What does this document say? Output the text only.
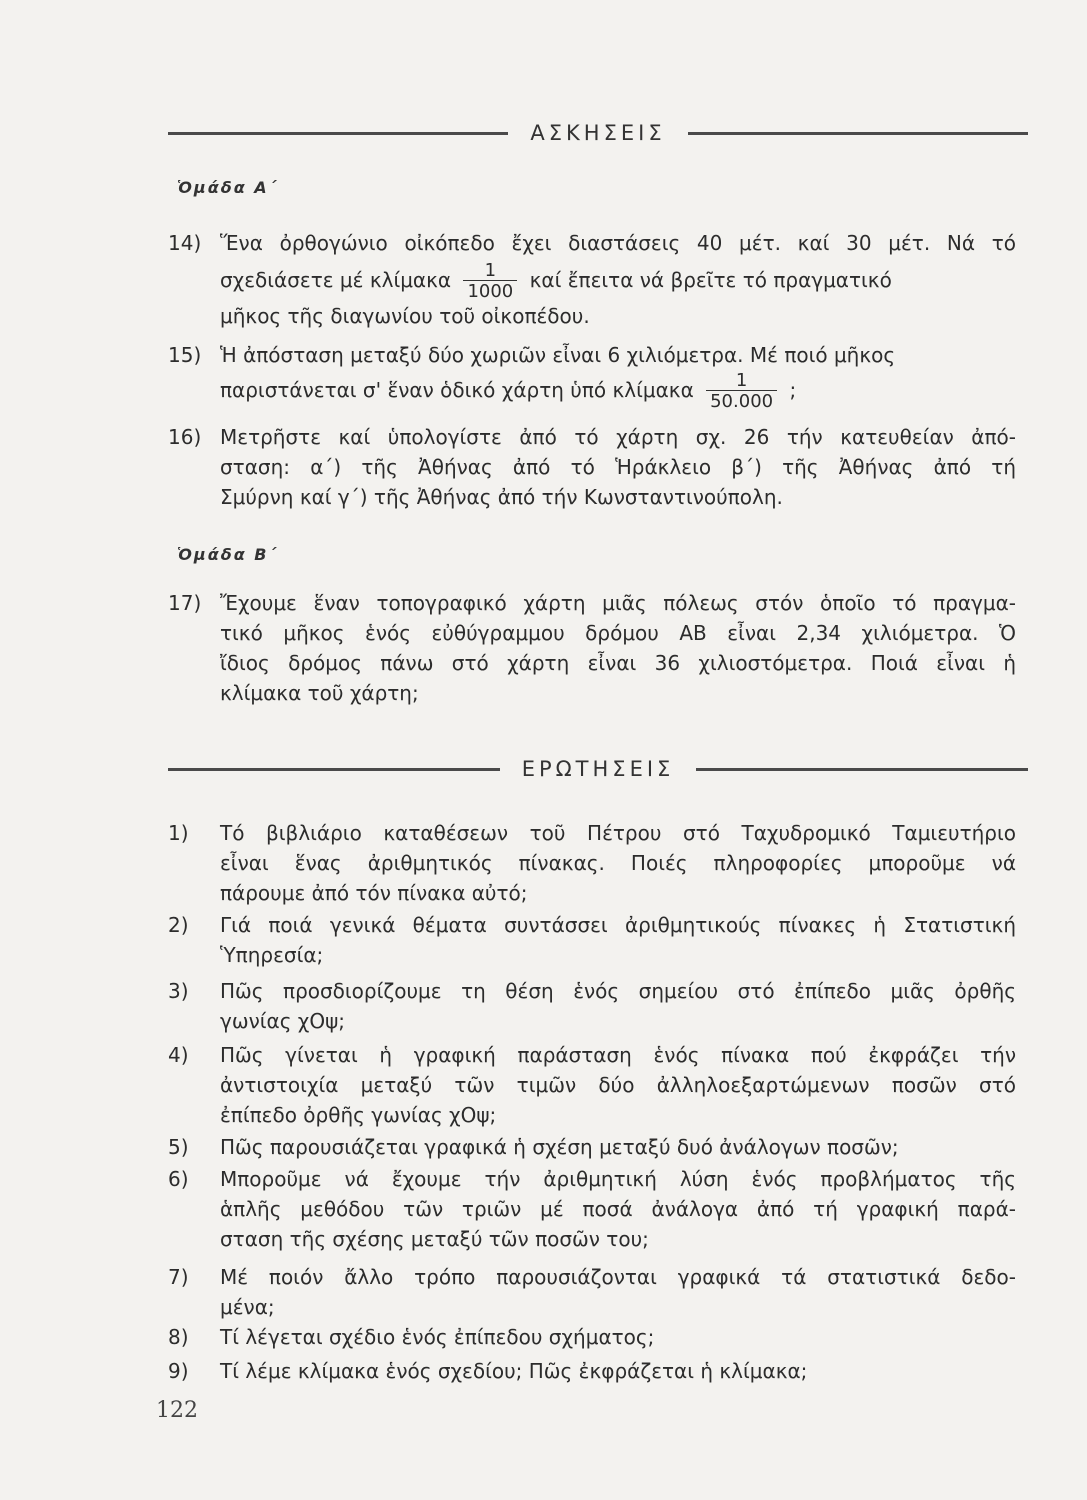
ΑΣΚΗΣΕΙΣ
Ὁμάδα Α΄
14) Ἕνα ὀρθογώνιο οἰκόπεδο ἔχει διαστάσεις 40 μέτ. καί 30 μέτ. Νά τό
σχεδιάσετε μέ κλίμακα $\frac{1}{1000}$ καί ἔπειτα νά βρεῖτε τό πραγματικό
μῆκος τῆς διαγωνίου τοῦ οἰκοπέδου.
15) Ἡ ἀπόσταση μεταξύ δύο χωριῶν εἶναι 6 χιλιόμετρα. Μέ ποιό μῆκος
παριστάνεται σ' ἕναν ὁδικό χάρτη ὑπό κλίμακα $\frac{1}{50.000}$ ;
16) Μετρῆστε καί ὑπολογίστε ἀπό τό χάρτη σχ. 26 τήν κατευθείαν ἀπό-
σταση: α΄) τῆς Ἀθήνας ἀπό τό Ἡράκλειο β΄) τῆς Ἀθήνας ἀπό τή
Σμύρνη καί γ΄) τῆς Ἀθήνας ἀπό τήν Κωνσταντινούπολη.
Ὁμάδα Β΄
17) Ἔχουμε ἕναν τοπογραφικό χάρτη μιᾶς πόλεως στόν ὁποῖο τό πραγμα-
τικό μῆκος ἑνός εὐθύγραμμου δρόμου ΑΒ εἶναι 2,34 χιλιόμετρα. Ὁ
ἴδιος δρόμος πάνω στό χάρτη εἶναι 36 χιλιοστόμετρα. Ποιά εἶναι ἡ
κλίμακα τοῦ χάρτη;
ΕΡΩΤΗΣΕΙΣ
1)	Τό βιβλιάριο καταθέσεων τοῦ Πέτρου στό Ταχυδρομικό Ταμιευτήριο
εἶναι ἕνας ἀριθμητικός πίνακας. Ποιές πληροφορίες μποροῦμε νά
πάρουμε ἀπό τόν πίνακα αὐτό;
2)	Γιά ποιά γενικά θέματα συντάσσει ἀριθμητικούς πίνακες ἡ Στατιστική
Ὑπηρεσία;
3)	Πῶς προσδιορίζουμε τη θέση ἑνός σημείου στό ἐπίπεδο μιᾶς ὀρθῆς
γωνίας χΟψ;
4)	Πῶς γίνεται ἡ γραφική παράσταση ἑνός πίνακα πού ἐκφράζει τήν
ἀντιστοιχία μεταξύ τῶν τιμῶν δύο ἀλληλοεξαρτώμενων ποσῶν στό
ἐπίπεδο ὀρθῆς γωνίας χΟψ;
5)	Πῶς παρουσιάζεται γραφικά ἡ σχέση μεταξύ δυό ἀνάλογων ποσῶν;
6)	Μποροῦμε νά ἔχουμε τήν ἀριθμητική λύση ἑνός προβλήματος τῆς
ἁπλῆς μεθόδου τῶν τριῶν μέ ποσά ἀνάλογα ἀπό τή γραφική παρά-
σταση τῆς σχέσης μεταξύ τῶν ποσῶν του;
7)	Μέ ποιόν ἄλλο τρόπο παρουσιάζονται γραφικά τά στατιστικά δεδο-
μένα;
8)	Τί λέγεται σχέδιο ἑνός ἐπίπεδου σχήματος;
9)	Τί λέμε κλίμακα ἑνός σχεδίου; Πῶς ἐκφράζεται ἡ κλίμακα;
122
